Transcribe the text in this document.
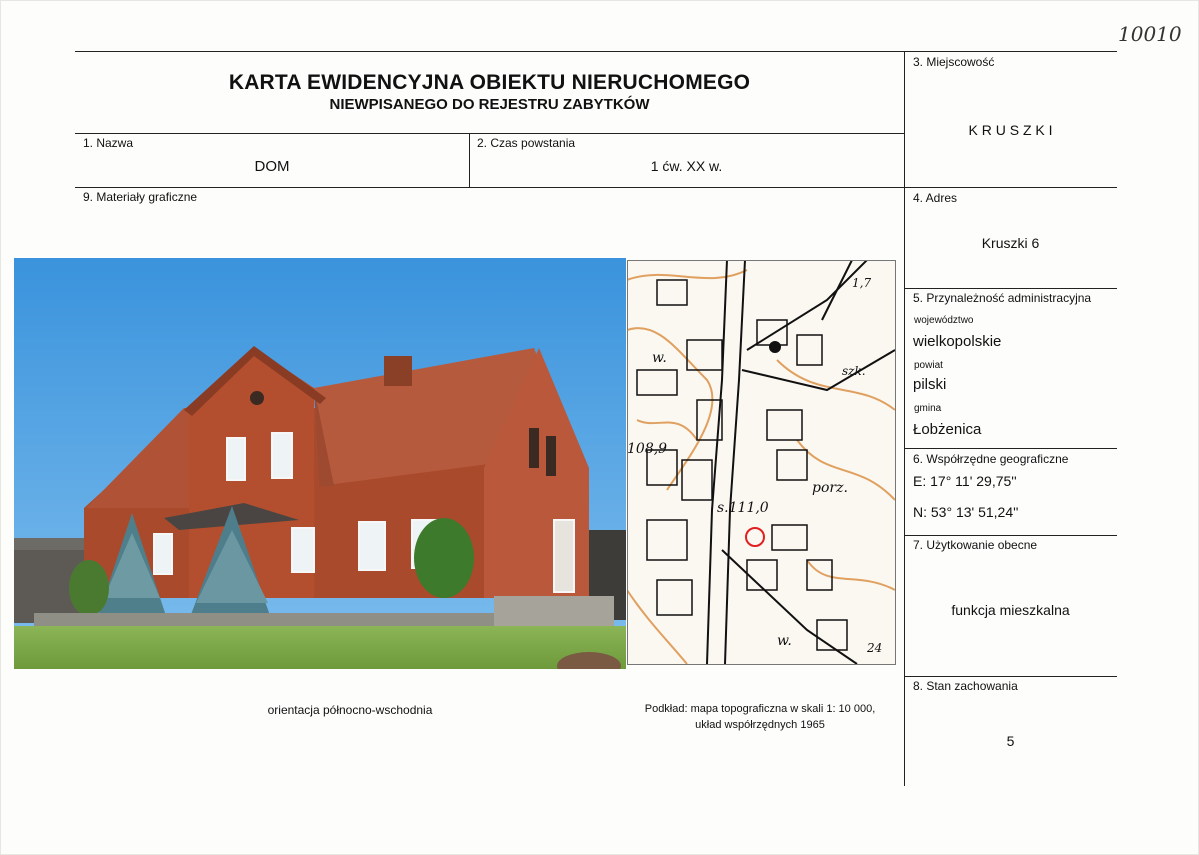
10010
KARTA EWIDENCYJNA OBIEKTU NIERUCHOMEGO
NIEWPISANEGO DO REJESTRU ZABYTKÓW
1. Nazwa
DOM
2. Czas powstania
1 ćw. XX w.
3. Miejscowość
K R U S Z K I
4. Adres
Kruszki 6
5. Przynależność administracyjna
województwo
wielkopolskie
powiat
pilski
gmina
Łobżenica
6. Współrzędne geograficzne
E: 17° 11' 29,75''
N: 53° 13' 51,24''
7. Użytkowanie obecne
funkcja mieszkalna
8. Stan zachowania
5
9. Materiały graficzne
108,9
s.111,0
szk.
porz.
w.
w.
1,7
24
orientacja północno-wschodnia	Podkład: mapa topograficzna w skali 1: 10 000,
układ współrzędnych 1965
